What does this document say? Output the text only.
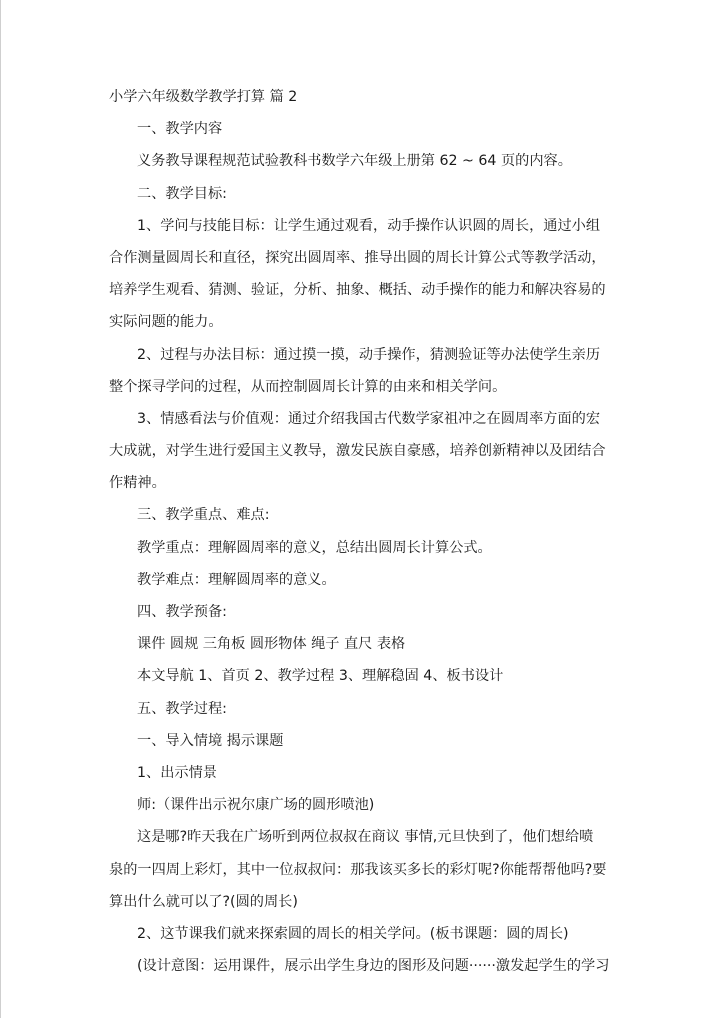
小学六年级数学教学打算 篇 2

一、教学内容

义务教导课程规范试验教科书数学六年级上册第 62 ~ 64 页的内容。

二、教学目标:

1、学问与技能目标：让学生通过观看，动手操作认识圆的周长，通过小组
合作测量圆周长和直径，探究出圆周率、推导出圆的周长计算公式等教学活动，
培养学生观看、猜测、验证，分析、抽象、概括、动手操作的能力和解决容易的
实际问题的能力。
2、过程与办法目标：通过摸一摸，动手操作，猜测验证等办法使学生亲历
整个探寻学问的过程，从而控制圆周长计算的由来和相关学问。
3、情感看法与价值观：通过介绍我国古代数学家祖冲之在圆周率方面的宏
大成就，对学生进行爱国主义教导，激发民族自豪感，培养创新精神以及团结合
作精神。

三、教学重点、难点:

教学重点：理解圆周率的意义，总结出圆周长计算公式。

教学难点：理解圆周率的意义。

四、教学预备:

课件 圆规 三角板 圆形物体 绳子 直尺 表格

本文导航 1、首页 2、教学过程 3、理解稳固 4、板书设计

五、教学过程:

一、导入情境 揭示课题

1、出示情景

师:（课件出示祝尔康广场的圆形喷池)

这是哪?昨天我在广场听到两位叔叔在商议 事情,元旦快到了，他们想给喷
泉的一四周上彩灯，其中一位叔叔问：那我该买多长的彩灯呢?你能帮帮他吗?要
算出什么就可以了?(圆的周长)

2、这节课我们就来探索圆的周长的相关学问。(板书课题：圆的周长)

(设计意图：运用课件，展示出学生身边的图形及问题······激发起学生的学习
